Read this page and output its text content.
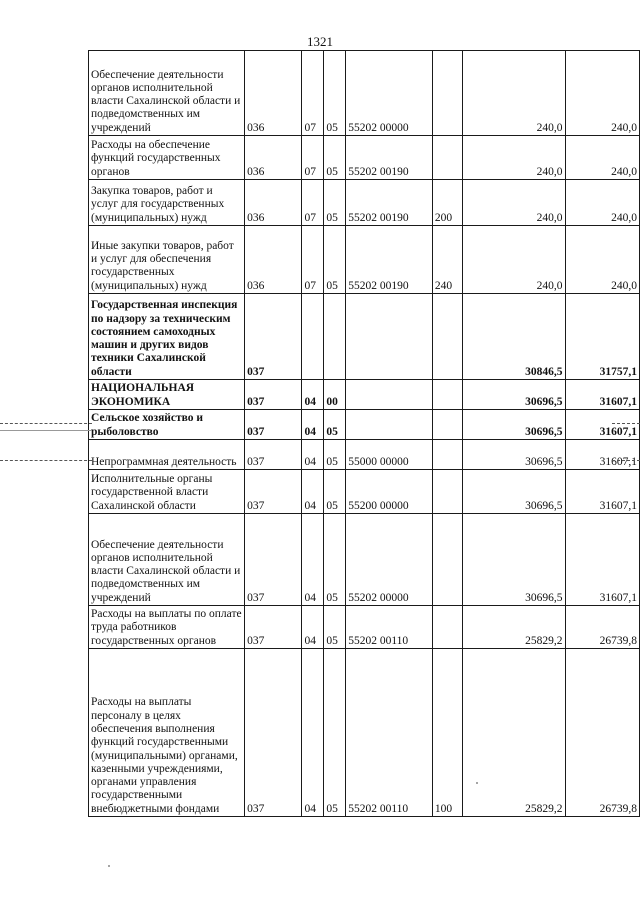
1321
Обеспечение деятельности органов исполнительной власти Сахалинской области и подведомственных им учреждений	036	07	05	55202 00000		240,0	240,0
Расходы на обеспечение функций государственных органов	036	07	05	55202 00190		240,0	240,0
Закупка товаров, работ и услуг для государственных (муниципальных) нужд	036	07	05	55202 00190	200	240,0	240,0
Иные закупки товаров, работ и услуг для обеспечения государственных (муниципальных) нужд	036	07	05	55202 00190	240	240,0	240,0
Государственная инспекция по надзору за техническим состоянием самоходных машин и других видов техники Сахалинской области	037					30846,5	31757,1
НАЦИОНАЛЬНАЯ ЭКОНОМИКА	037	04	00			30696,5	31607,1
Сельское хозяйство и рыболовство	037	04	05			30696,5	31607,1
Непрограммная деятельность	037	04	05	55000 00000		30696,5	31607,1
Исполнительные органы государственной власти Сахалинской области	037	04	05	55200 00000		30696,5	31607,1
Обеспечение деятельности органов исполнительной власти Сахалинской области и подведомственных им учреждений	037	04	05	55202 00000		30696,5	31607,1
Расходы на выплаты по оплате труда работников государственных органов	037	04	05	55202 00110		25829,2	26739,8
Расходы на выплаты персоналу в целях обеспечения выполнения функций государственными (муниципальными) органами, казенными учреждениями, органами управления государственными внебюджетными фондами	037	04	05	55202 00110	100	25829,2	26739,8
